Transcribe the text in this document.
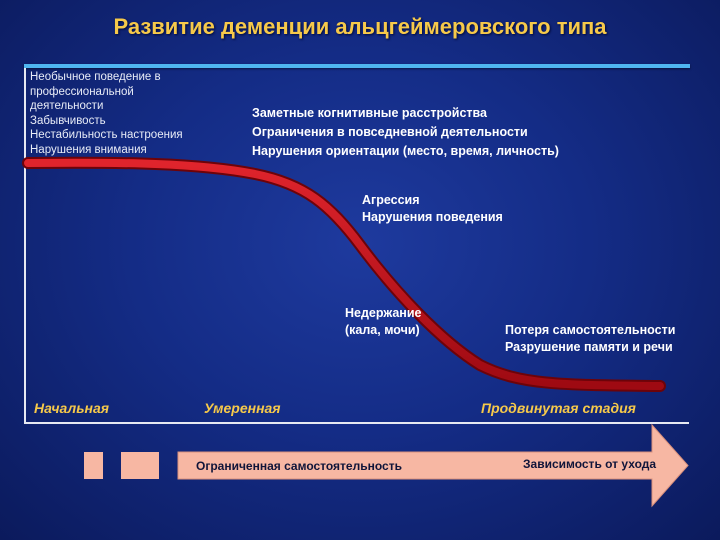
Развитие деменции альцгеймеровского типа
Необычное поведение в
профессиональной
деятельности
Забывчивость
Нестабильность настроения
Нарушения внимания
Заметные когнитивные расстройства
Ограничения в повседневной деятельности
Нарушения ориентации (место, время, личность)
Агрессия
Нарушения поведения
Недержание
(кала, мочи)	Потеря самостоятельности
Разрушение памяти и речи
Начальная	Умеренная	Продвинутая стадия
Ограниченная самостоятельность	Зависимость от ухода
